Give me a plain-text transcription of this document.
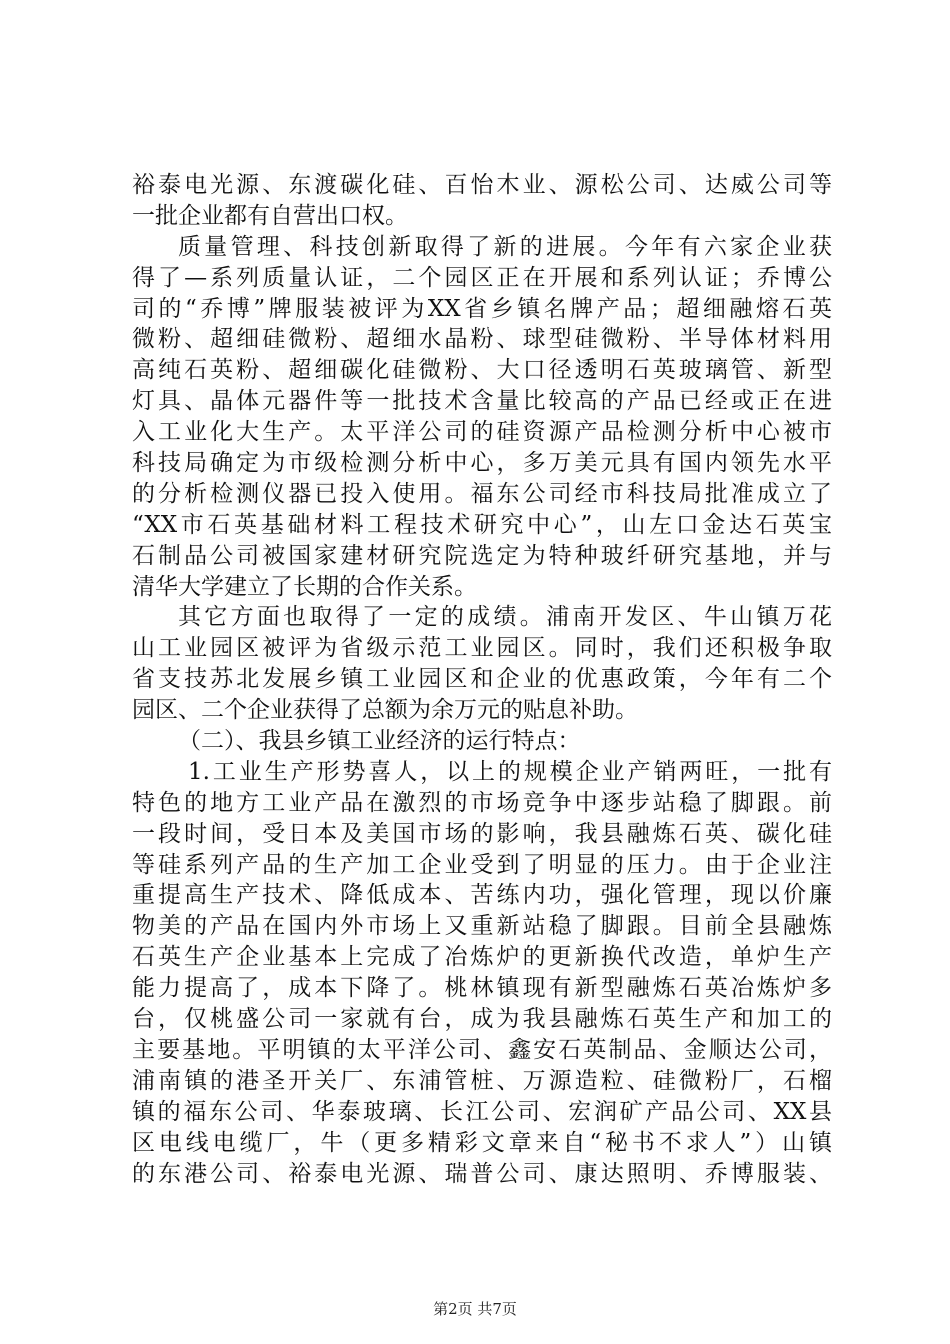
裕泰电光源、东渡碳化硅、百怡木业、源松公司、达威公司等
一批企业都有自营出口权。
质量管理、科技创新取得了新的进展。今年有六家企业获
得了—系列质量认证，二个园区正在开展和系列认证；乔博公
司的“乔博”牌服装被评为XX省乡镇名牌产品；超细融熔石英
微粉、超细硅微粉、超细水晶粉、球型硅微粉、半导体材料用
高纯石英粉、超细碳化硅微粉、大口径透明石英玻璃管、新型
灯具、晶体元器件等一批技术含量比较高的产品已经或正在进
入工业化大生产。太平洋公司的硅资源产品检测分析中心被市
科技局确定为市级检测分析中心，多万美元具有国内领先水平
的分析检测仪器已投入使用。福东公司经市科技局批准成立了
“XX市石英基础材料工程技术研究中心”，山左口金达石英宝
石制品公司被国家建材研究院选定为特种玻纤研究基地，并与
清华大学建立了长期的合作关系。
其它方面也取得了一定的成绩。浦南开发区、牛山镇万花
山工业园区被评为省级示范工业园区。同时，我们还积极争取
省支技苏北发展乡镇工业园区和企业的优惠政策，今年有二个
园区、二个企业获得了总额为余万元的贴息补助。
（二）、我县乡镇工业经济的运行特点：
1.工业生产形势喜人，以上的规模企业产销两旺，一批有
特色的地方工业产品在激烈的市场竞争中逐步站稳了脚跟。前
一段时间，受日本及美国市场的影响，我县融炼石英、碳化硅
等硅系列产品的生产加工企业受到了明显的压力。由于企业注
重提高生产技术、降低成本、苦练内功，强化管理，现以价廉
物美的产品在国内外市场上又重新站稳了脚跟。目前全县融炼
石英生产企业基本上完成了冶炼炉的更新换代改造，单炉生产
能力提高了，成本下降了。桃林镇现有新型融炼石英冶炼炉多
台，仅桃盛公司一家就有台，成为我县融炼石英生产和加工的
主要基地。平明镇的太平洋公司、鑫安石英制品、金顺达公司，
浦南镇的港圣开关厂、东浦管桩、万源造粒、硅微粉厂，石榴
镇的福东公司、华泰玻璃、长江公司、宏润矿产品公司、XX县
区电线电缆厂，牛（更多精彩文章来自“秘书不求人”）山镇
的东港公司、裕泰电光源、瑞普公司、康达照明、乔博服装、
第2页 共7页
